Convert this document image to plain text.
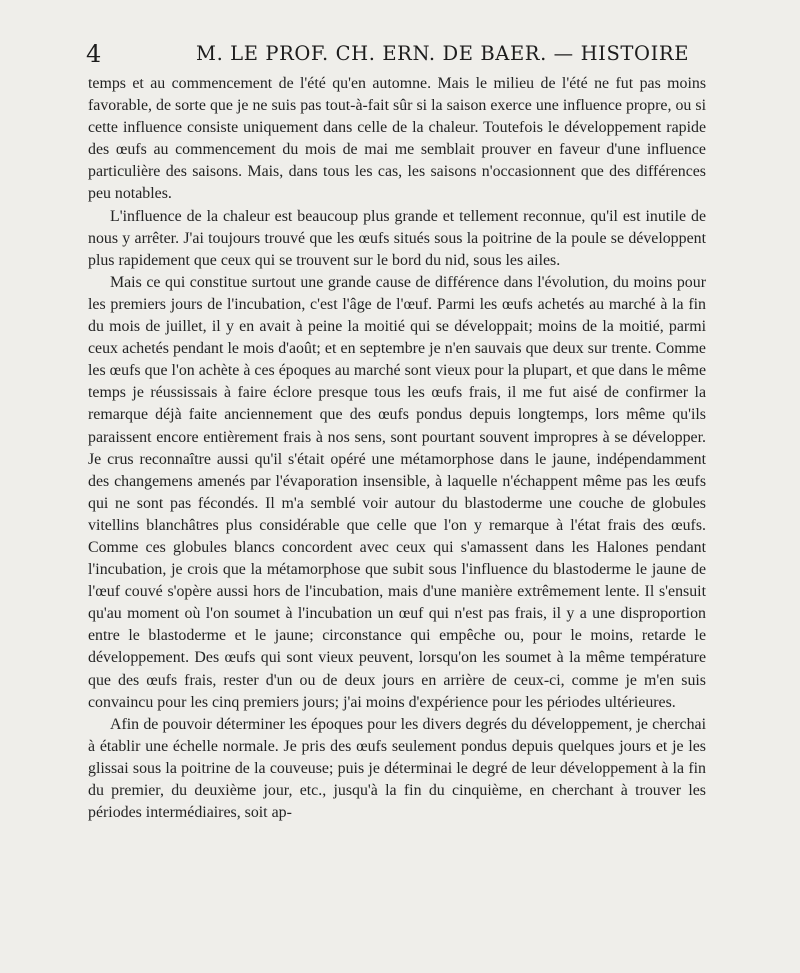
4	M. LE PROF. CH. ERN. DE BAER. — HISTOIRE

temps et au commencement de l'été qu'en automne. Mais le milieu de l'été ne fut pas moins favorable, de sorte que je ne suis pas tout-à-fait sûr si la saison exerce une influence propre, ou si cette influence consiste uniquement dans celle de la chaleur. Toutefois le développement rapide des œufs au commencement du mois de mai me semblait prouver en faveur d'une influence particulière des saisons. Mais, dans tous les cas, les saisons n'occasionnent que des différences peu notables.

L'influence de la chaleur est beaucoup plus grande et tellement reconnue, qu'il est inutile de nous y arrêter. J'ai toujours trouvé que les œufs situés sous la poitrine de la poule se développent plus rapidement que ceux qui se trouvent sur le bord du nid, sous les ailes.

Mais ce qui constitue surtout une grande cause de différence dans l'évolution, du moins pour les premiers jours de l'incubation, c'est l'âge de l'œuf. Parmi les œufs achetés au marché à la fin du mois de juillet, il y en avait à peine la moitié qui se développait; moins de la moitié, parmi ceux achetés pendant le mois d'août; et en septembre je n'en sauvais que deux sur trente. Comme les œufs que l'on achète à ces époques au marché sont vieux pour la plupart, et que dans le même temps je réussissais à faire éclore presque tous les œufs frais, il me fut aisé de confirmer la remarque déjà faite anciennement que des œufs pondus depuis longtemps, lors même qu'ils paraissent encore entièrement frais à nos sens, sont pourtant souvent impropres à se développer. Je crus reconnaître aussi qu'il s'était opéré une métamorphose dans le jaune, indépendamment des changemens amenés par l'évaporation insensible, à laquelle n'échappent même pas les œufs qui ne sont pas fécondés. Il m'a semblé voir autour du blastoderme une couche de globules vitellins blanchâtres plus considérable que celle que l'on y remarque à l'état frais des œufs. Comme ces globules blancs concordent avec ceux qui s'amassent dans les Halones pendant l'incubation, je crois que la métamorphose que subit sous l'influence du blastoderme le jaune de l'œuf couvé s'opère aussi hors de l'incubation, mais d'une manière extrêmement lente. Il s'ensuit qu'au moment où l'on soumet à l'incubation un œuf qui n'est pas frais, il y a une disproportion entre le blastoderme et le jaune; circonstance qui empêche ou, pour le moins, retarde le développement. Des œufs qui sont vieux peuvent, lorsqu'on les soumet à la même température que des œufs frais, rester d'un ou de deux jours en arrière de ceux-ci, comme je m'en suis convaincu pour les cinq premiers jours; j'ai moins d'expérience pour les périodes ultérieures.

Afin de pouvoir déterminer les époques pour les divers degrés du développement, je cherchai à établir une échelle normale. Je pris des œufs seulement pondus depuis quelques jours et je les glissai sous la poitrine de la couveuse; puis je déterminai le degré de leur développement à la fin du premier, du deuxième jour, etc., jusqu'à la fin du cinquième, en cherchant à trouver les périodes intermédiaires, soit ap-
